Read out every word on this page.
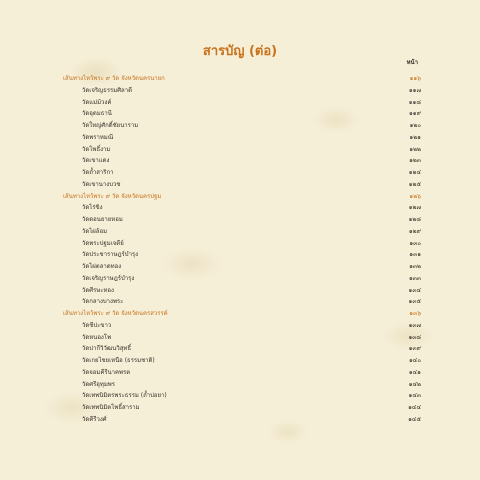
สารบัญ (ต่อ)
หน้า
เส้นทางไหว้พระ ๙ วัด จังหวัดนครนายก	๑๑๖
วัดเจริญธรรมศิลาดี	๑๑๗
วัดแม่ม้วงค์	๑๑๘
วัดอุดมธานี	๑๑๙
วัดใหญ่ศักดิ์ชัยนาราม	๑๒๐
วัดพราหมณี	๑๒๑
วัดโพธิ์งาม	๑๒๒
วัดเขาแดง	๑๒๓
วัดถ้ำสาริกา	๑๒๔
วัดเขานางบวช	๑๒๕
เส้นทางไหว้พระ ๙ วัด จังหวัดนครปฐม	๑๒๖
วัดไร่ขิง	๑๒๗
วัดดอนยายหอม	๑๒๘
วัดไผ่ล้อม	๑๒๙
วัดพระปฐมเจดีย์	๑๓๐
วัดประชาราษฎร์บำรุง	๑๓๑
วัดไผ่ตลาดทอง	๑๓๒
วัดเจริญราษฎร์บำรุง	๑๓๓
วัดศีรษะทอง	๑๓๔
วัดกลางบางพระ	๑๓๕
เส้นทางไหว้พระ ๙ วัด จังหวัดนครสวรรค์	๑๓๖
วัดชีปะขาว	๑๓๗
วัดหนองโพ	๑๓๘
วัดปากีวิวัฒนวิสุทธิ์	๑๓๙
วัดเกยไชยเหนือ (ธรรมชาติ)	๑๔๐
วัดจอมคีรีนาคพรต	๑๔๑
วัดศรีอุทุมพร	๑๔๒
วัดเทพนิมิตรพระธรรม (ถ้ำบ่อยา)	๑๔๓
วัดเทพนิมิตโพธิ์สาราม	๑๔๔
วัดคีรีวงศ์	๑๔๕
